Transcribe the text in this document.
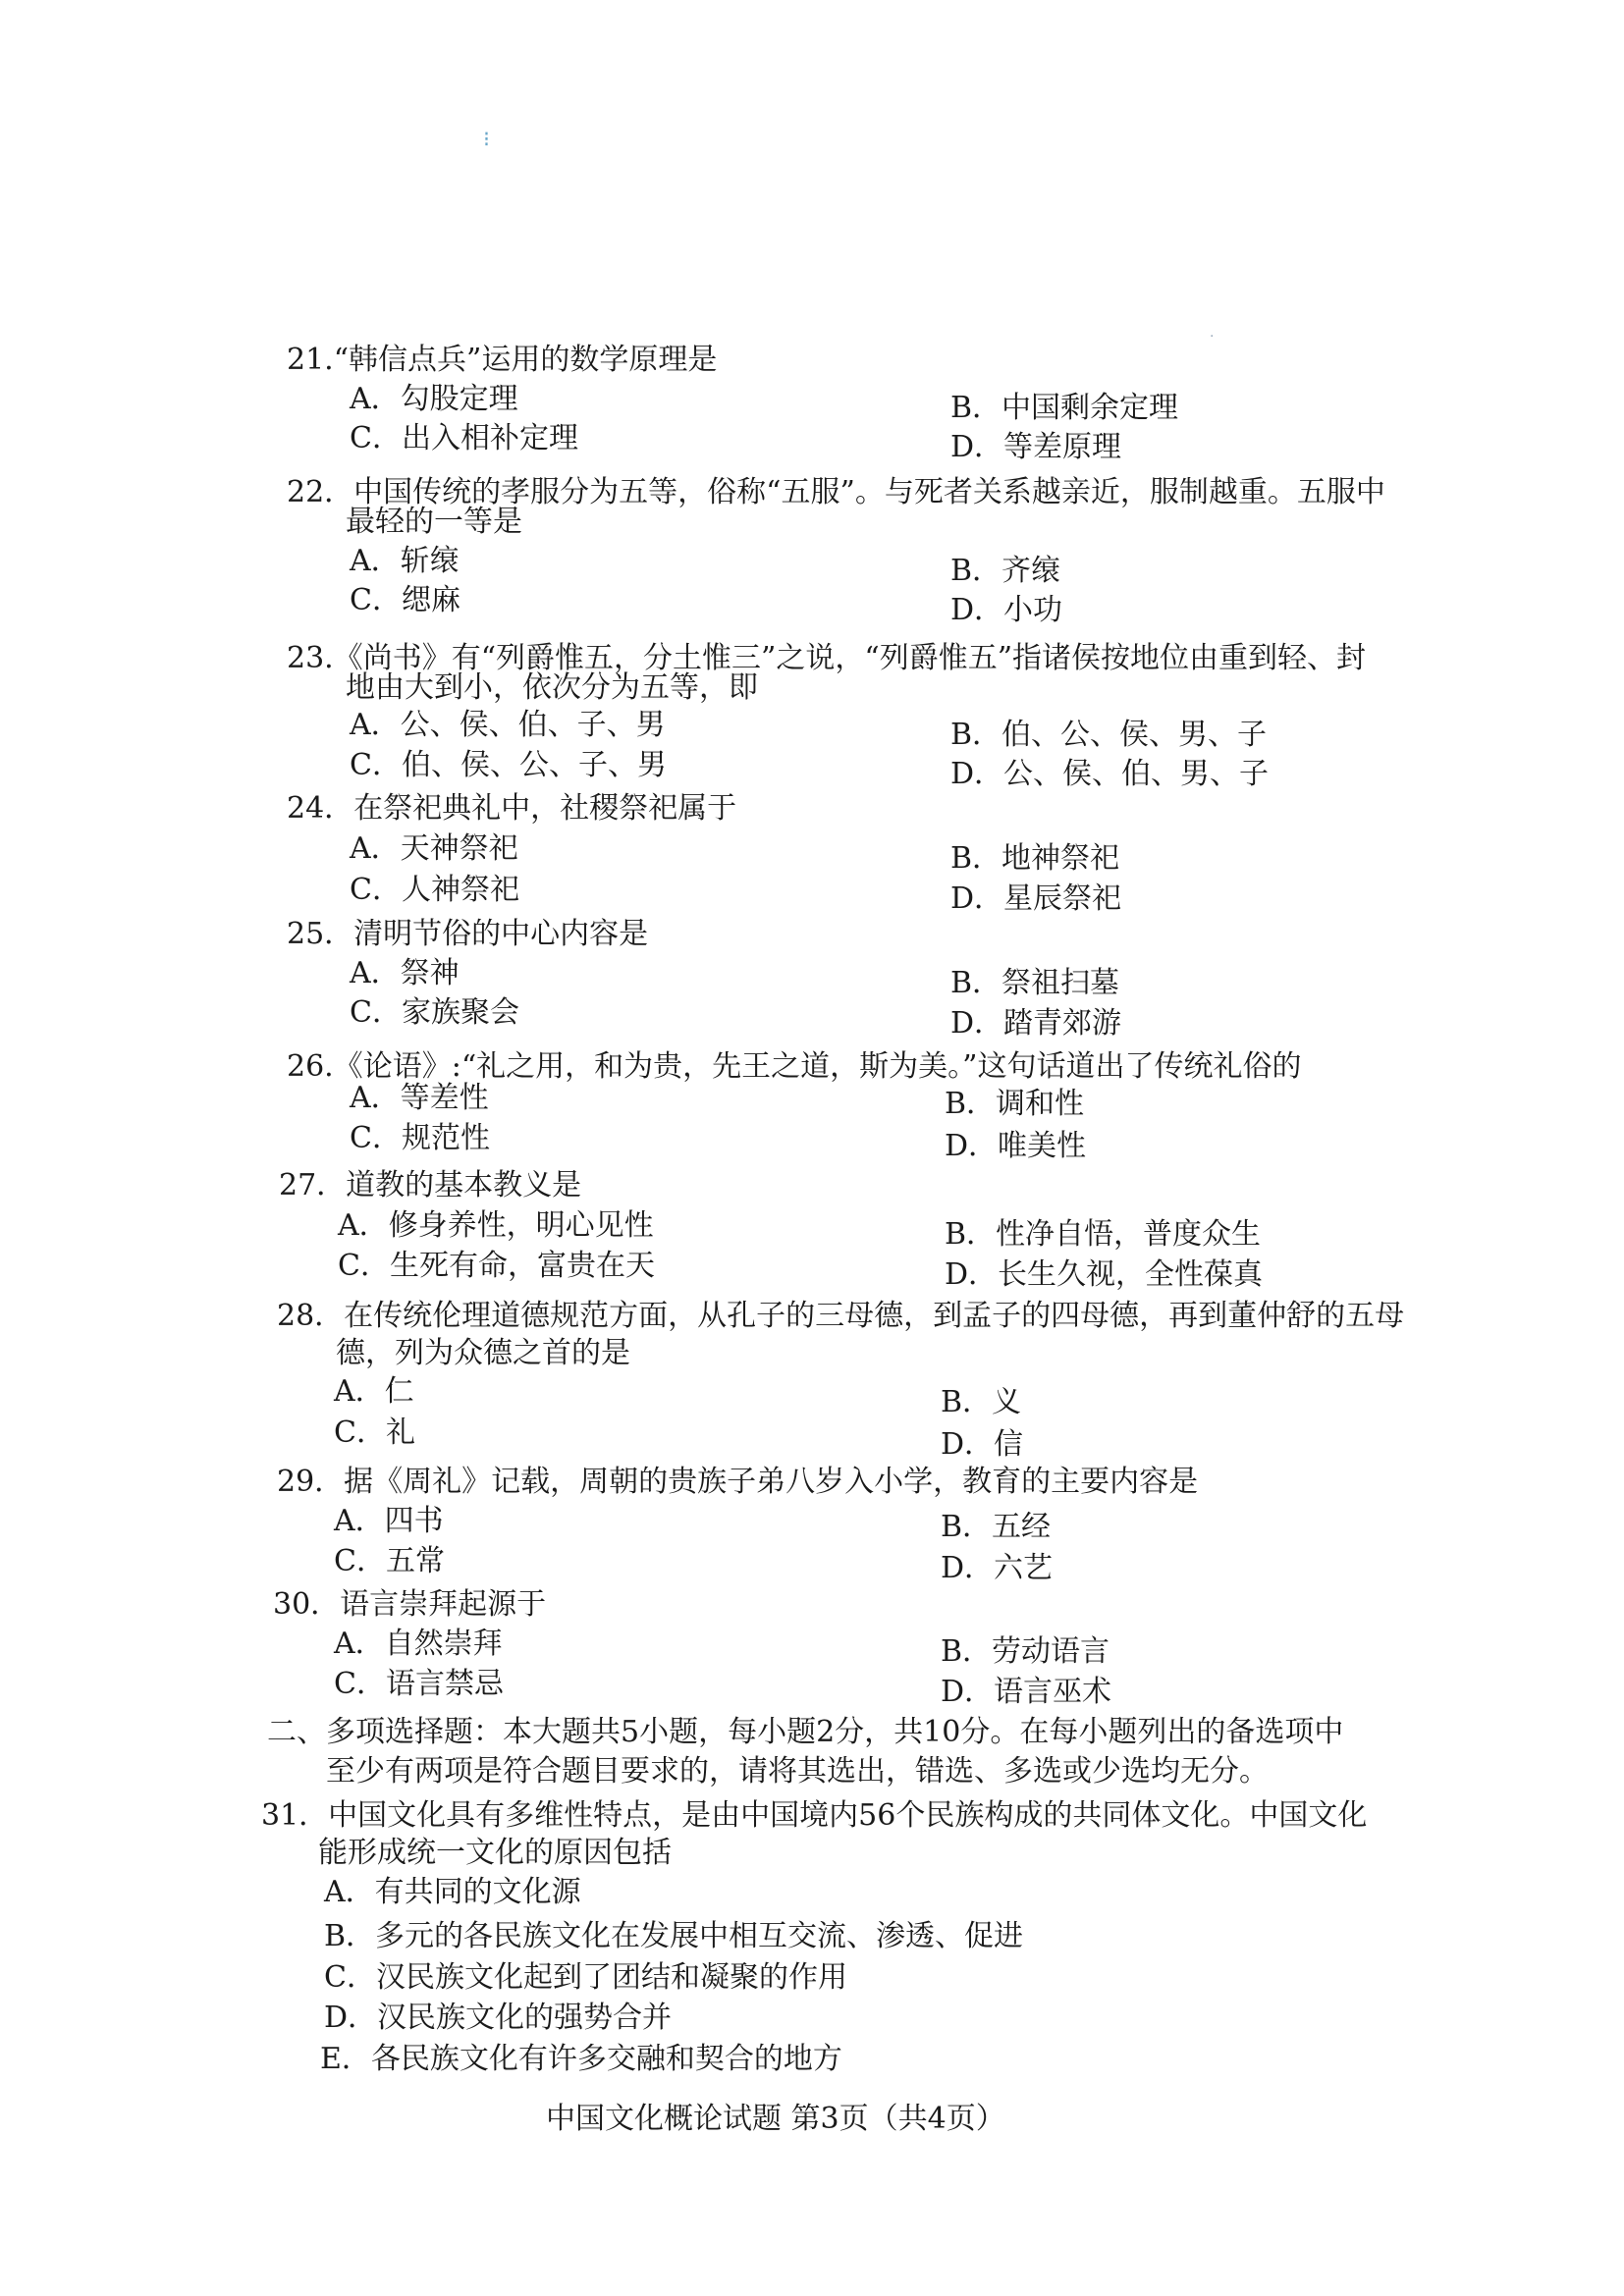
⁝
·
21.“韩信点兵”运用的数学原理是
A．勾股定理	B．中国剩余定理
C．出入相补定理	D．等差原理
22．中国传统的孝服分为五等，俗称“五服”。与死者关系越亲近，服制越重。五服中
最轻的一等是
A．斩缞	B．齐缞
C．缌麻	D．小功
23.《尚书》有“列爵惟五，分土惟三”之说，“列爵惟五”指诸侯按地位由重到轻、封
地由大到小，依次分为五等，即
A．公、侯、伯、子、男	B．伯、公、侯、男、子
C．伯、侯、公、子、男	D．公、侯、伯、男、子
24．在祭祀典礼中，社稷祭祀属于
A．天神祭祀	B．地神祭祀
C．人神祭祀	D．星辰祭祀
25．清明节俗的中心内容是
A．祭神	B．祭祖扫墓
C．家族聚会	D．踏青郊游
26.《论语》:“礼之用，和为贵，先王之道，斯为美。”这句话道出了传统礼俗的
A．等差性	B．调和性
C．规范性	D．唯美性
27．道教的基本教义是
A．修身养性，明心见性	B．性净自悟，普度众生
C．生死有命，富贵在天	D．长生久视，全性葆真
28．在传统伦理道德规范方面，从孔子的三母德，到孟子的四母德，再到董仲舒的五母
德，列为众德之首的是
A．仁	B．义
C．礼	D．信
29．据《周礼》记载，周朝的贵族子弟八岁入小学，教育的主要内容是
A．四书	B．五经
C．五常	D．六艺
30．语言崇拜起源于
A．自然崇拜	B．劳动语言
C．语言禁忌	D．语言巫术
二、多项选择题：本大题共5小题，每小题2分，共10分。在每小题列出的备选项中
至少有两项是符合题目要求的，请将其选出，错选、多选或少选均无分。
31．中国文化具有多维性特点，是由中国境内56个民族构成的共同体文化。中国文化
能形成统一文化的原因包括
A．有共同的文化源
B．多元的各民族文化在发展中相互交流、渗透、促进
C．汉民族文化起到了团结和凝聚的作用
D．汉民族文化的强势合并
E．各民族文化有许多交融和契合的地方
中国文化概论试题 第3页（共4页）
